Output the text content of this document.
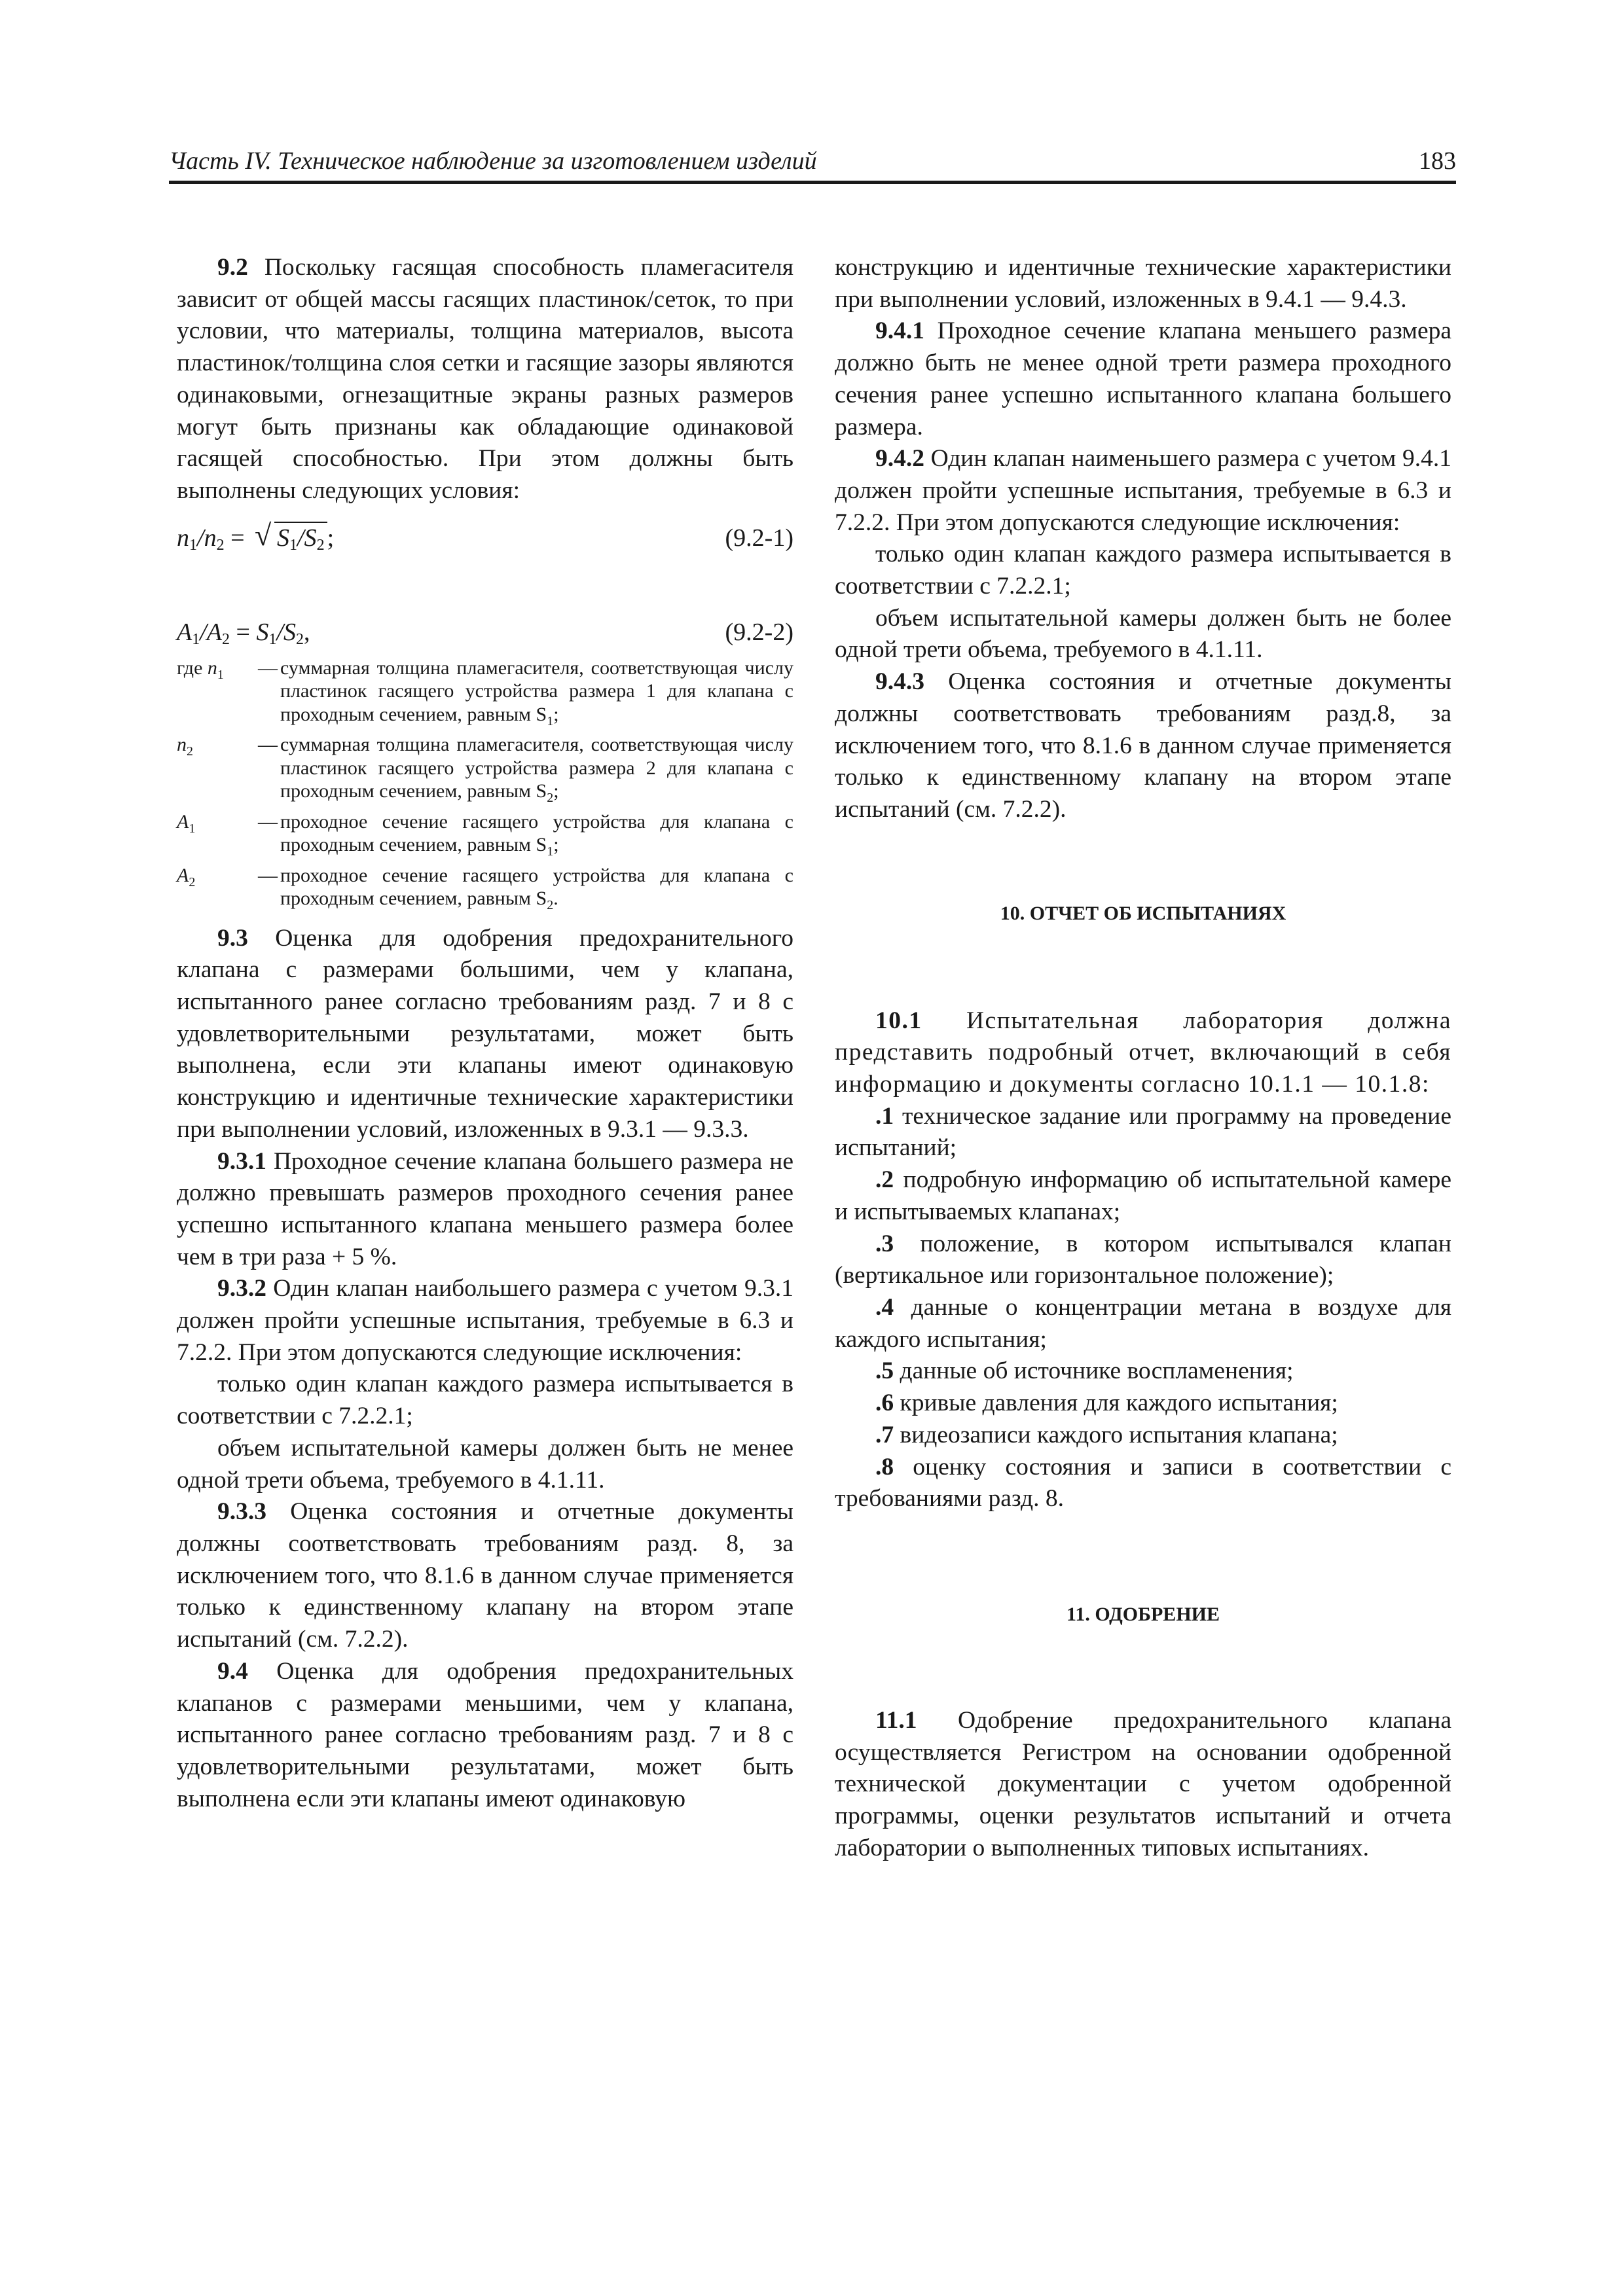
Часть IV. Техническое наблюдение за изготовлением изделий	183

9.2 Поскольку гасящая способность пламегасителя зависит от общей массы гасящих пластинок/сеток, то при условии, что материалы, толщина материалов, высота пластинок/толщина слоя сетки и гасящие зазоры являются одинаковыми, огнезащитные экраны разных размеров могут быть признаны как обладающие одинаковой гасящей способностью. При этом должны быть выполнены следующих условия:

$n_1/n_2$ = √ $S_1/S_2$ ;	(9.2-1)
$A_1/A_2 = S_1/S_2$,	(9.2-2)
где $n_1$	— суммарная толщина пламегасителя, соответствующая числу пластинок гасящего устройства размера 1 для клапана с проходным сечением, равным $S_1$;
$n_2$	— суммарная толщина пламегасителя, соответствующая числу пластинок гасящего устройства размера 2 для клапана с проходным сечением, равным $S_2$;
$A_1$	— проходное сечение гасящего устройства для клапана с проходным сечением, равным $S_1$;
$A_2$	— проходное сечение гасящего устройства для клапана с проходным сечением, равным $S_2$.

9.3 Оценка для одобрения предохранительного клапана с размерами большими, чем у клапана, испытанного ранее согласно требованиям разд. 7 и 8 с удовлетворительными результатами, может быть выполнена, если эти клапаны имеют одинаковую конструкцию и идентичные технические характеристики при выполнении условий, изложенных в 9.3.1 — 9.3.3.

9.3.1 Проходное сечение клапана большего размера не должно превышать размеров проходного сечения ранее успешно испытанного клапана меньшего размера более чем в три раза + 5 %.

9.3.2 Один клапан наибольшего размера с учетом 9.3.1 должен пройти успешные испытания, требуемые в 6.3 и 7.2.2. При этом допускаются следующие исключения:

только один клапан каждого размера испытывается в соответствии с 7.2.2.1;

объем испытательной камеры должен быть не менее одной трети объема, требуемого в 4.1.11.

9.3.3 Оценка состояния и отчетные документы должны соответствовать требованиям разд. 8, за исключением того, что 8.1.6 в данном случае применяется только к единственному клапану на втором этапе испытаний (см. 7.2.2).

9.4 Оценка для одобрения предохранительных клапанов с размерами меньшими, чем у клапана, испытанного ранее согласно требованиям разд. 7 и 8 с удовлетворительными результатами, может быть выполнена если эти клапаны имеют одинаковую

конструкцию и идентичные технические характеристики при выполнении условий, изложенных в 9.4.1 — 9.4.3.

9.4.1 Проходное сечение клапана меньшего размера должно быть не менее одной трети размера проходного сечения ранее успешно испытанного клапана большего размера.

9.4.2 Один клапан наименьшего размера с учетом 9.4.1 должен пройти успешные испытания, требуемые в 6.3 и 7.2.2. При этом допускаются следующие исключения:

только один клапан каждого размера испытывается в соответствии с 7.2.2.1;

объем испытательной камеры должен быть не более одной трети объема, требуемого в 4.1.11.

9.4.3 Оценка состояния и отчетные документы должны соответствовать требованиям разд.8, за исключением того, что 8.1.6 в данном случае применяется только к единственному клапану на втором этапе испытаний (см. 7.2.2).

10. ОТЧЕТ ОБ ИСПЫТАНИЯХ

10.1 Испытательная лаборатория должна представить подробный отчет, включающий в себя информацию и документы согласно 10.1.1 — 10.1.8:

.1 техническое задание или программу на проведение испытаний;

.2 подробную информацию об испытательной камере и испытываемых клапанах;

.3 положение, в котором испытывался клапан (вертикальное или горизонтальное положение);

.4 данные о концентрации метана в воздухе для каждого испытания;

.5 данные об источнике воспламенения;

.6 кривые давления для каждого испытания;

.7 видеозаписи каждого испытания клапана;

.8 оценку состояния и записи в соответствии с требованиями разд. 8.

11. ОДОБРЕНИЕ

11.1 Одобрение предохранительного клапана осуществляется Регистром на основании одобренной технической документации с учетом одобренной программы, оценки результатов испытаний и отчета лаборатории о выполненных типовых испытаниях.
